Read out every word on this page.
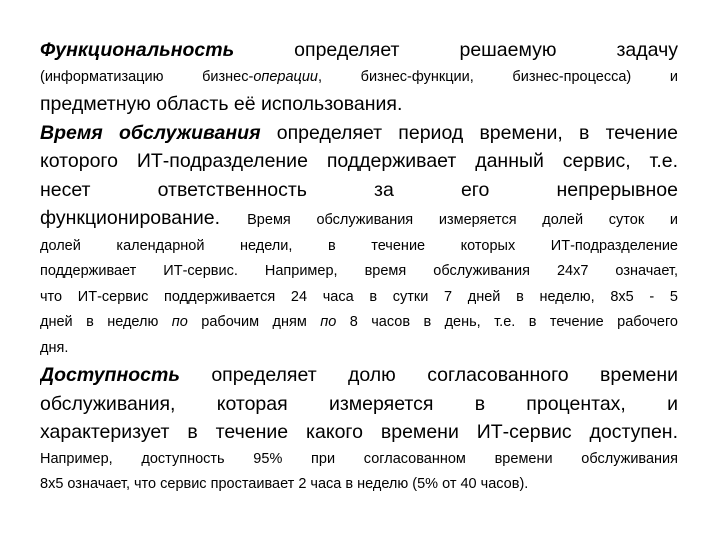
Функциональность	определяет решаемую задачу
(информатизацию бизнес-операции, бизнес-функции, бизнес-процесса) и
предметную область её использования.
Время обслуживания определяет период времени, в течение
которого ИТ-подразделение поддерживает данный сервис, т.е.
несет ответственность за его непрерывное
функционирование. Время обслуживания измеряется долей суток и
долей календарной недели, в течение которых ИТ-подразделение
поддерживает ИТ-сервис. Например, время обслуживания 24х7 означает,
что ИТ-сервис поддерживается 24 часа в сутки 7 дней в неделю, 8х5 - 5
дней в неделю по рабочим дням по 8 часов в день, т.е. в течение рабочего
дня.
Доступность определяет долю согласованного времени
обслуживания, которая измеряется в процентах, и
характеризует в течение какого времени ИТ-сервис доступен.
Например, доступность 95% при согласованном времени обслуживания
8х5 означает, что сервис простаивает 2 часа в неделю (5% от 40 часов).
